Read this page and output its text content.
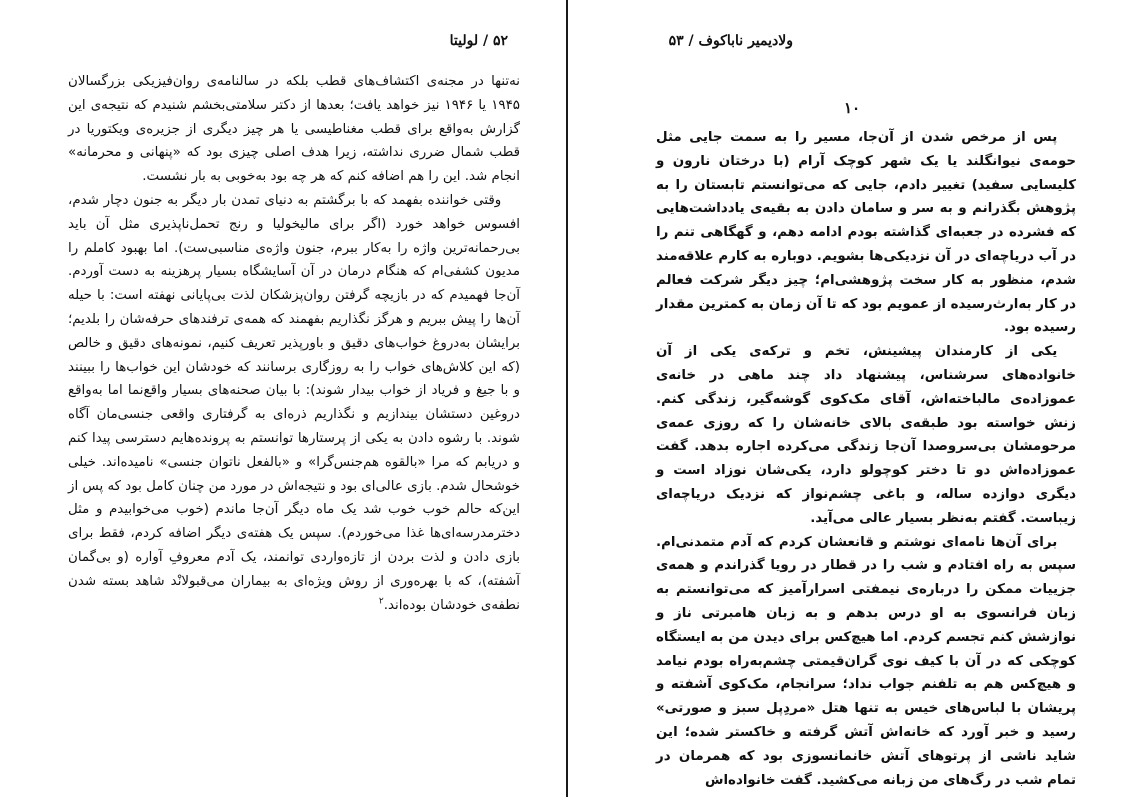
۵۲ / لولیتا

نه‌تنها در مجنه‌ی اکتشاف‌های قطب بلکه در سالنامه‌ی روان‌فیزیکی بزرگسالان ۱۹۴۵ یا ۱۹۴۶ نیز خواهد یافت؛ بعدها از دکتر سلامتی‌بخشم شنیدم که نتیجه‌ی این گزارش به‌واقع برای قطب مغناطیسی یا هر چیز دیگری از جزیره‌ی ویکتوریا در قطب شمال ضرری نداشته، زیرا هدف اصلی چیزی بود که «پنهانی و محرمانه» انجام شد. این را هم اضافه کنم که هر چه بود به‌خوبی به بار نشست.

وقتی خواننده بفهمد که با برگشتم به دنیای تمدن بار دیگر به جنون دچار شدم، افسوس خواهد خورد (اگر برای مالیخولیا و رنج تحمل‌ناپذیری مثل آن باید بی‌رحمانه‌ترین واژه را به‌کار ببرم، جنون واژه‌ی مناسبی‌ست). اما بهبود کاملم را مدیون کشفی‌ام که هنگام درمان در آن آسایشگاه بسیار پرهزینه به دست آوردم. آن‌جا فهمیدم که در بازیچه گرفتن روان‌پزشکان لذت بی‌پایانی نهفته است: با حیله آن‌ها را پیش ببریم و هرگز نگذاریم بفهمند که همه‌ی ترفندهای حرفه‌شان را بلدیم؛ برایشان به‌دروغ خواب‌های دقیق و باورپذیر تعریف کنیم، نمونه‌های دقیق و خالص (که این کلاش‌های خواب را به روزگاری برسانند که خودشان این خواب‌ها را ببینند و با جیغ و فریاد از خواب بیدار شوند): با بیان صحنه‌های بسیار واقع‌نما اما به‌واقع دروغین دستشان بیندازیم و نگذاریم ذره‌ای به گرفتاری واقعی جنسی‌مان آگاه شوند. با رشوه دادن به یکی از پرستارها توانستم به پرونده‌هایم دسترسی پیدا کنم و دریابم که مرا «بالقوه هم‌جنس‌گرا» و «بالفعل ناتوان جنسی» نامیده‌اند. خیلی خوشحال شدم. بازی عالی‌ای بود و نتیجه‌اش در مورد من چنان کامل بود که پس از این‌که حالم خوب خوب شد یک ماه دیگر آن‌جا ماندم (خوب می‌خوابیدم و مثل دخترمدرسه‌ای‌ها غذا می‌خوردم). سپس یک هفته‌ی دیگر اضافه کردم، فقط برای بازی دادن و لذت بردن از تازه‌واردی توانمند، یک آدم معروفِ آواره (و بی‌گمان آشفته)، که با بهره‌وری از روش ویژه‌ای به بیماران می‌قبولانْد شاهد بسته شدن نطفه‌ی خودشان بوده‌اند.$^۲$

ولادیمیر ناباکوف / ۵۳
۱۰

پس از مرخص شدن از آن‌جا، مسیر را به سمت جایی مثل حومه‌ی نیوانگلند یا یک شهر کوچک آرام (با درختان نارون و کلیسایی سفید) تغییر دادم، جایی که می‌توانستم تابستان را به پژوهش بگذرانم و به سر و سامان دادن به بقیه‌ی یادداشت‌هایی که فشرده در جعبه‌ای گذاشته بودم ادامه دهم، و گهگاهی تنم را در آب دریاچه‌ای در آن نزدیکی‌ها بشویم. دوباره به کارم علاقه‌مند شدم، منظور به کار سخت پژوهشی‌ام؛ چیز دیگر شرکت فعالم در کار به‌ارث‌رسیده از عمویم بود که تا آن زمان به کمترین مقدار رسیده بود.

یکی از کارمندان پیشینش، تخم و ترکه‌ی یکی از آن خانواده‌های سرشناس، پیشنهاد داد چند ماهی در خانه‌ی عموزاده‌ی مالباخته‌اش، آقای مک‌کوی گوشه‌گیر، زندگی کنم. زنش خواسته بود طبقه‌ی بالای خانه‌شان را که روزی عمه‌ی مرحومشان بی‌سروصدا آن‌جا زندگی می‌کرده اجاره بدهد. گفت عموزاده‌اش دو تا دختر کوچولو دارد، یکی‌شان نوزاد است و دیگری دوازده ساله، و باغی چشم‌نواز که نزدیک دریاچه‌ای زیباست. گفتم به‌نظر بسیار عالی می‌آید.

برای آن‌ها نامه‌ای نوشتم و قانعشان کردم که آدم متمدنی‌ام. سپس به راه افتادم و شب را در قطار در رویا گذراندم و همه‌ی جزییات ممکن را درباره‌ی نیمفتی اسرارآمیز که می‌توانستم به زبان فرانسوی به او درس بدهم و به زبان هامبرتی ناز و نوازشش کنم تجسم کردم. اما هیچ‌کس برای دیدن من به ایستگاه کوچکی که در آن با کیف نوی گران‌قیمتی چشم‌به‌راه بودم نیامد و هیچ‌کس هم به تلفنم جواب نداد؛ سرانجام، مک‌کوی آشفته و پریشان با لباس‌های خیس به تنها هتل «مردِپل سبز و صورتی» رسید و خبر آورد که خانه‌اش آتش گرفته و خاکستر شده؛ این شاید ناشی از پرتوهای آتش خانمانسوزی بود که همرمان در تمام شب در رگ‌های من زبانه می‌کشید. گفت خانواده‌اش
